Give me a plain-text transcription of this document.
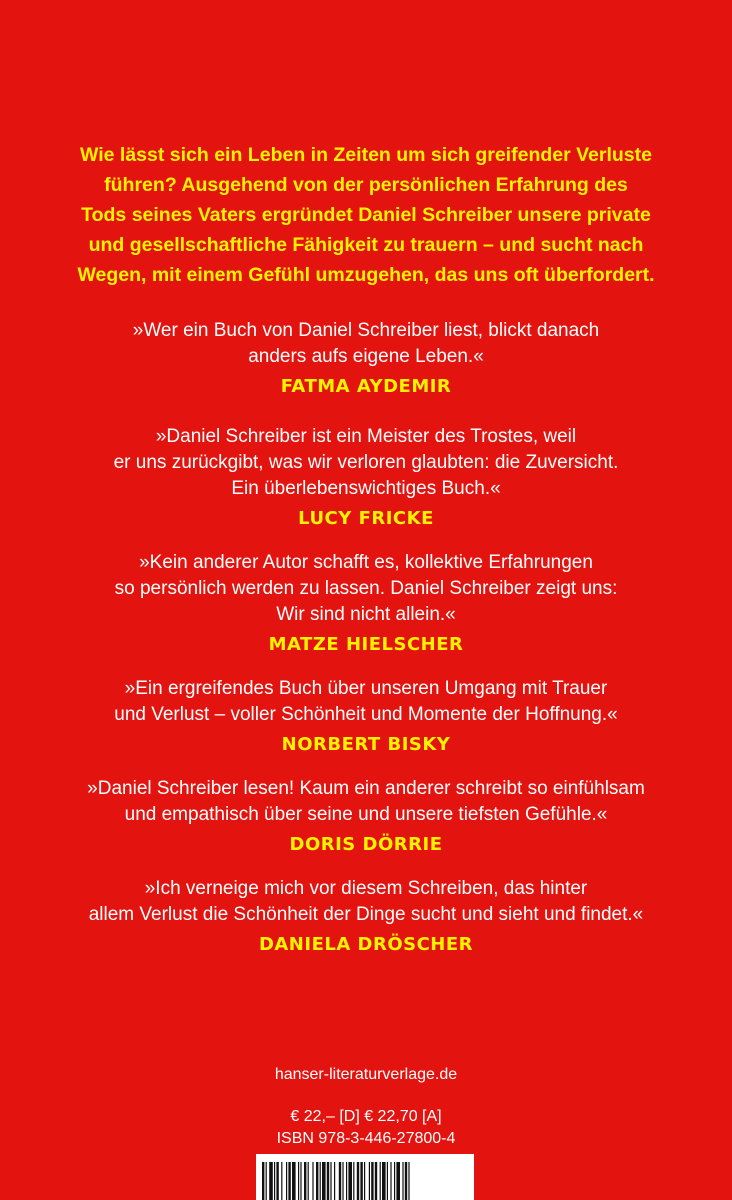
Wie lässt sich ein Leben in Zeiten um sich greifender Verluste
führen? Ausgehend von der persönlichen Erfahrung des
Tods seines Vaters ergründet Daniel Schreiber unsere private
und gesellschaftliche Fähigkeit zu trauern – und sucht nach
Wegen, mit einem Gefühl umzugehen, das uns oft überfordert.
»Wer ein Buch von Daniel Schreiber liest, blickt danach
anders aufs eigene Leben.«
FATMA AYDEMIR
»Daniel Schreiber ist ein Meister des Trostes, weil
er uns zurückgibt, was wir verloren glaubten: die Zuversicht.
Ein überlebenswichtiges Buch.«
LUCY FRICKE
»Kein anderer Autor schafft es, kollektive Erfahrungen
so persönlich werden zu lassen. Daniel Schreiber zeigt uns:
Wir sind nicht allein.«
MATZE HIELSCHER
»Ein ergreifendes Buch über unseren Umgang mit Trauer
und Verlust – voller Schönheit und Momente der Hoffnung.«
NORBERT BISKY
»Daniel Schreiber lesen! Kaum ein anderer schreibt so einfühlsam
und empathisch über seine und unsere tiefsten Gefühle.«
DORIS DÖRRIE
»Ich verneige mich vor diesem Schreiben, das hinter
allem Verlust die Schönheit der Dinge sucht und sieht und findet.«
DANIELA DRÖSCHER
hanser-literaturverlage.de
€ 22,– [D] € 22,70 [A]
ISBN 978-3-446-27800-4
